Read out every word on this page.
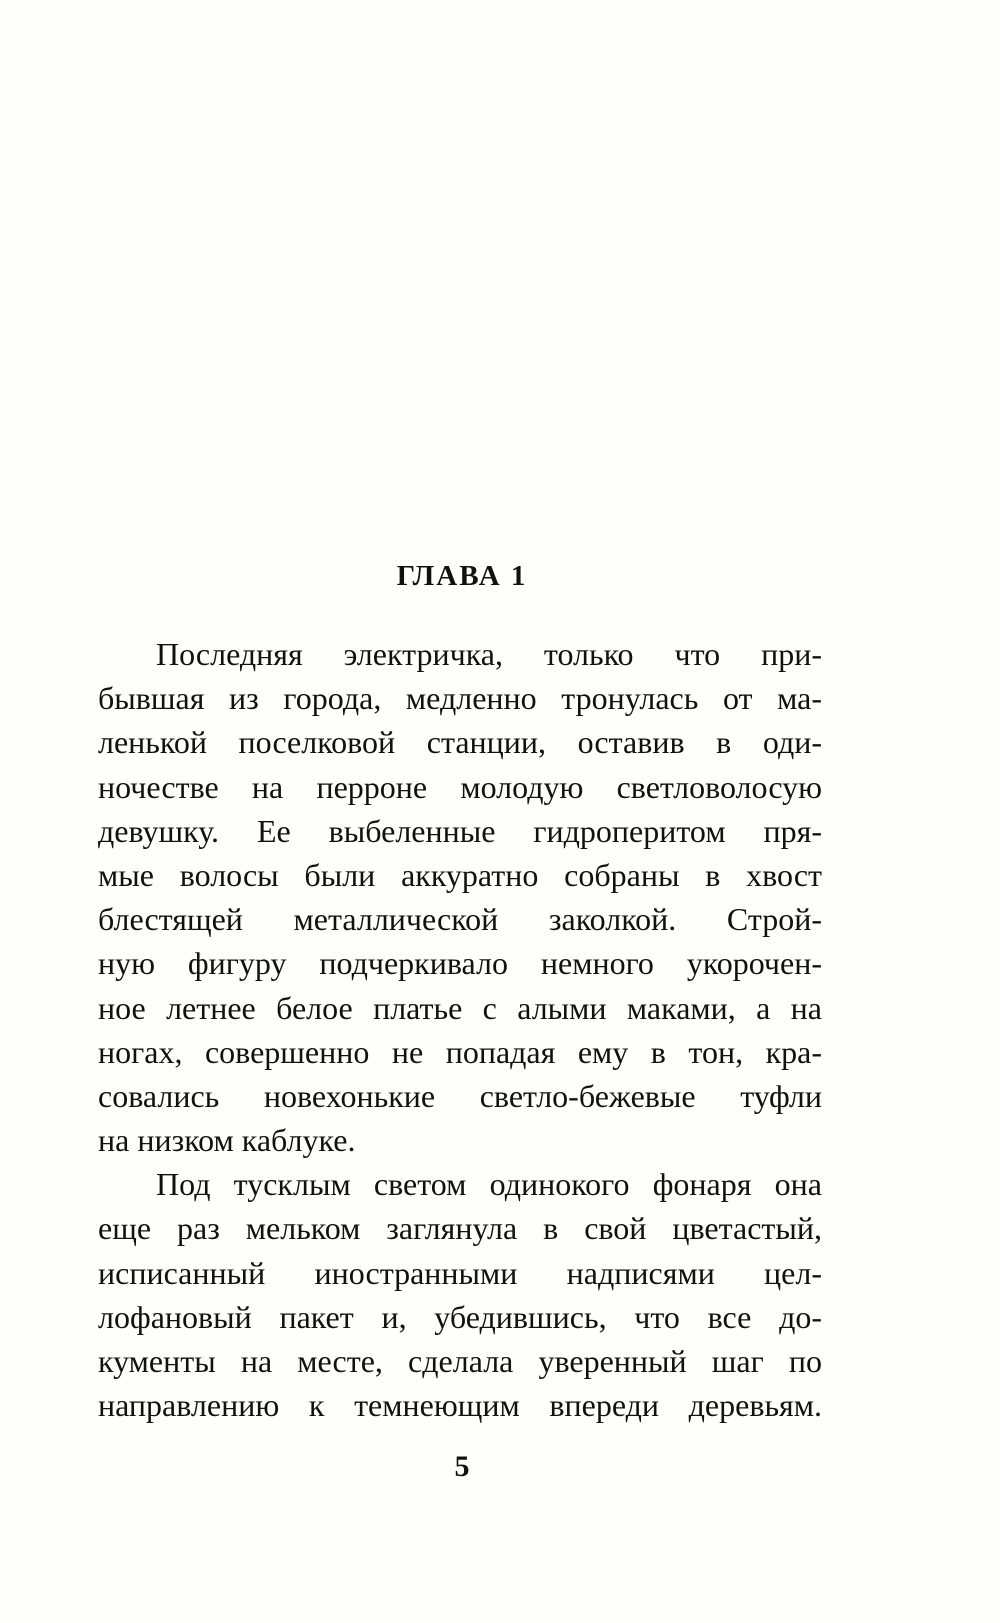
ГЛАВА 1
Последняя электричка, только что при-
бывшая из города, медленно тронулась от ма-
ленькой поселковой станции, оставив в оди-
ночестве на перроне молодую светловолосую
девушку. Ее выбеленные гидроперитом пря-
мые волосы были аккуратно собраны в хвост
блестящей металлической заколкой. Строй-
ную фигуру подчеркивало немного укорочен-
ное летнее белое платье с алыми маками, а на
ногах, совершенно не попадая ему в тон, кра-
совались новехонькие светло-бежевые туфли
на низком каблуке.
Под тусклым светом одинокого фонаря она
еще раз мельком заглянула в свой цветастый,
исписанный иностранными надписями цел-
лофановый пакет и, убедившись, что все до-
кументы на месте, сделала уверенный шаг по
направлению к темнеющим впереди деревьям.
5
